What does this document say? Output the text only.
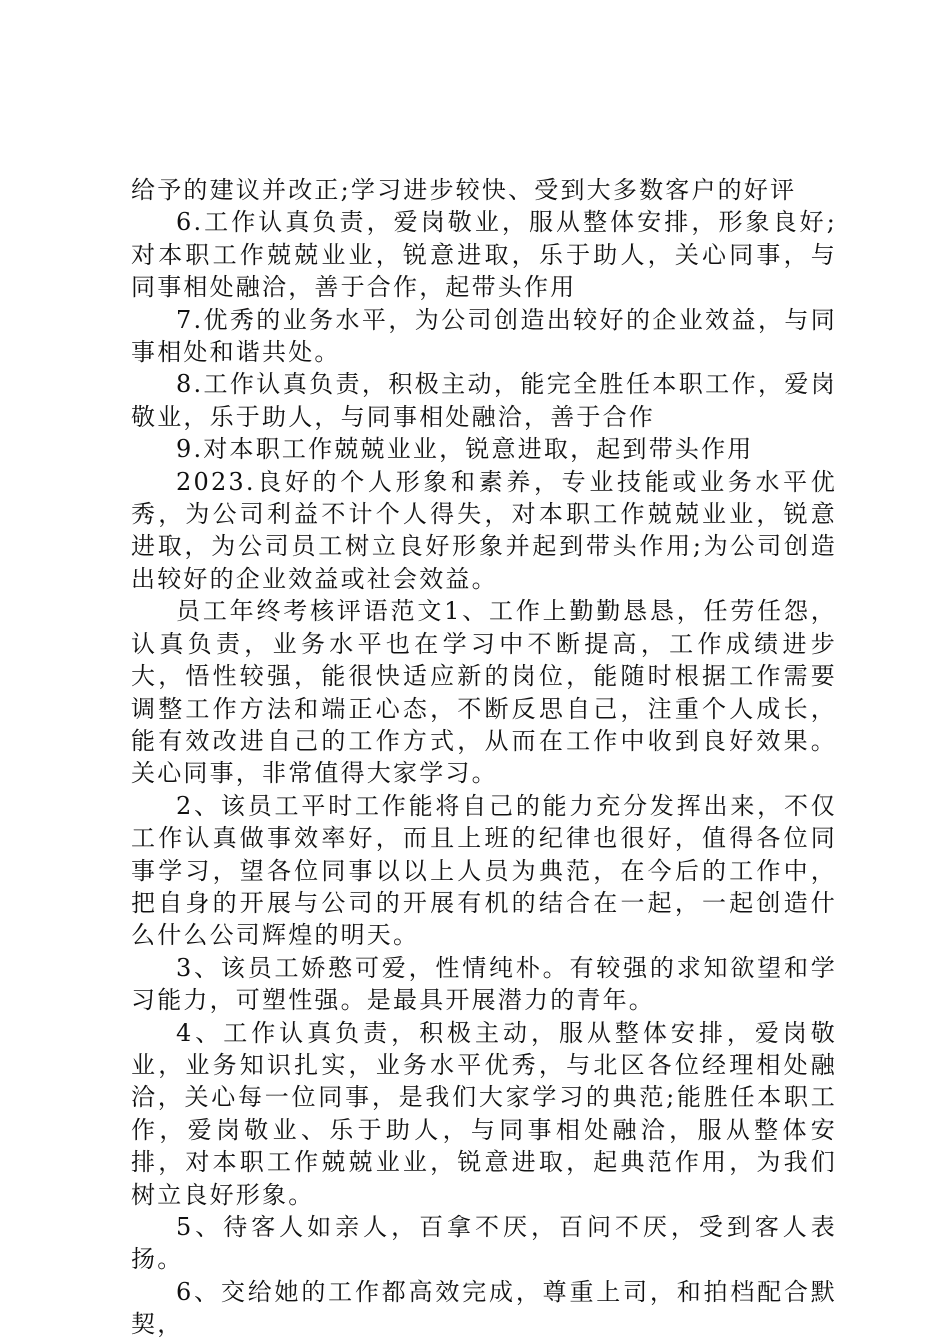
给予的建议并改正;学习进步较快、受到大多数客户的好评

6.工作认真负责，爱岗敬业，服从整体安排，形象良好;对本职工作兢兢业业，锐意进取，乐于助人，关心同事，与同事相处融洽，善于合作，起带头作用

7.优秀的业务水平，为公司创造出较好的企业效益，与同事相处和谐共处。

8.工作认真负责，积极主动，能完全胜任本职工作，爱岗敬业，乐于助人，与同事相处融洽，善于合作

9.对本职工作兢兢业业，锐意进取，起到带头作用

2023.良好的个人形象和素养，专业技能或业务水平优秀，为公司利益不计个人得失，对本职工作兢兢业业，锐意进取，为公司员工树立良好形象并起到带头作用;为公司创造出较好的企业效益或社会效益。

员工年终考核评语范文1、工作上勤勤恳恳，任劳任怨，认真负责，业务水平也在学习中不断提高，工作成绩进步大，悟性较强，能很快适应新的岗位，能随时根据工作需要调整工作方法和端正心态，不断反思自己，注重个人成长，能有效改进自己的工作方式，从而在工作中收到良好效果。关心同事，非常值得大家学习。

2、该员工平时工作能将自己的能力充分发挥出来，不仅工作认真做事效率好，而且上班的纪律也很好，值得各位同事学习，望各位同事以以上人员为典范，在今后的工作中，把自身的开展与公司的开展有机的结合在一起，一起创造什么什么公司辉煌的明天。

3、该员工娇憨可爱，性情纯朴。有较强的求知欲望和学习能力，可塑性强。是最具开展潜力的青年。

4、工作认真负责，积极主动，服从整体安排，爱岗敬业，业务知识扎实，业务水平优秀，与北区各位经理相处融洽，关心每一位同事，是我们大家学习的典范;能胜任本职工作，爱岗敬业、乐于助人，与同事相处融洽，服从整体安排，对本职工作兢兢业业，锐意进取，起典范作用，为我们树立良好形象。

5、待客人如亲人，百拿不厌，百问不厌，受到客人表扬。

6、交给她的工作都高效完成，尊重上司，和拍档配合默契，
